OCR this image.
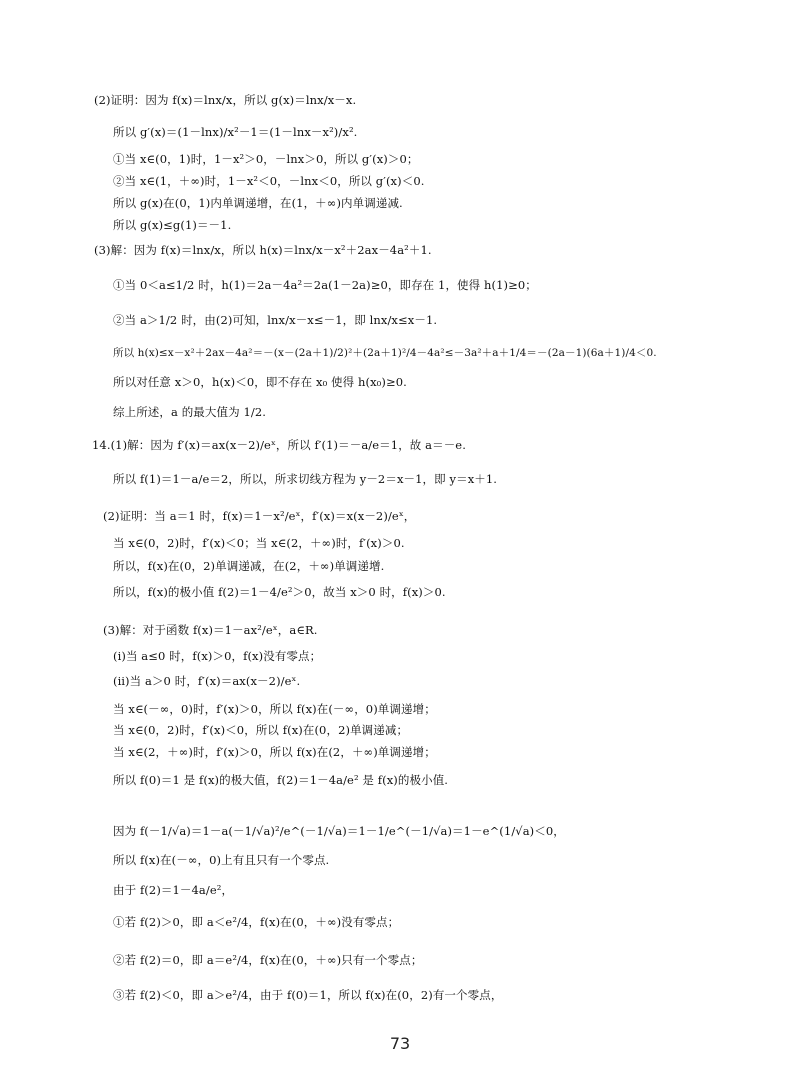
(2)证明：因为 f(x)＝lnx/x，所以 g(x)＝lnx/x－x.
所以 g′(x)＝(1－lnx)/x²－1＝(1－lnx－x²)/x².
①当 x∈(0，1)时，1－x²＞0，－lnx＞0，所以 g′(x)＞0；
②当 x∈(1，＋∞)时，1－x²＜0，－lnx＜0，所以 g′(x)＜0.
所以 g(x)在(0，1)内单调递增，在(1，＋∞)内单调递减.
所以 g(x)≤g(1)＝－1.
(3)解：因为 f(x)＝lnx/x，所以 h(x)＝lnx/x－x²＋2ax－4a²＋1.
①当 0＜a≤1/2 时，h(1)＝2a－4a²＝2a(1－2a)≥0，即存在 1，使得 h(1)≥0；
②当 a＞1/2 时，由(2)可知，lnx/x－x≤－1，即 lnx/x≤x－1.
所以 h(x)≤x－x²＋2ax－4a²＝－(x－(2a＋1)/2)²＋(2a＋1)²/4－4a²≤－3a²＋a＋1/4＝－(2a－1)(6a＋1)/4＜0.
所以对任意 x＞0，h(x)＜0，即不存在 x₀ 使得 h(x₀)≥0.
综上所述，a 的最大值为 1/2.
14.(1)解：因为 f′(x)＝ax(x－2)/eˣ，所以 f′(1)＝－a/e＝1，故 a＝－e.
所以 f(1)＝1－a/e＝2，所以，所求切线方程为 y－2＝x－1，即 y＝x＋1.
(2)证明：当 a＝1 时，f(x)＝1－x²/eˣ，f′(x)＝x(x－2)/eˣ，
当 x∈(0，2)时，f′(x)＜0；当 x∈(2，＋∞)时，f′(x)＞0.
所以，f(x)在(0，2)单调递减，在(2，＋∞)单调递增.
所以，f(x)的极小值 f(2)＝1－4/e²＞0，故当 x＞0 时，f(x)＞0.
(3)解：对于函数 f(x)＝1－ax²/eˣ，a∈R.
(ⅰ)当 a≤0 时，f(x)＞0，f(x)没有零点；
(ⅱ)当 a＞0 时，f′(x)＝ax(x－2)/eˣ.
当 x∈(－∞，0)时，f′(x)＞0，所以 f(x)在(－∞，0)单调递增；
当 x∈(0，2)时，f′(x)＜0，所以 f(x)在(0，2)单调递减；
当 x∈(2，＋∞)时，f′(x)＞0，所以 f(x)在(2，＋∞)单调递增；
所以 f(0)＝1 是 f(x)的极大值，f(2)＝1－4a/e² 是 f(x)的极小值.
因为 f(－1/√a)＝1－a(－1/√a)²/e^(－1/√a)＝1－1/e^(－1/√a)＝1－e^(1/√a)＜0，
所以 f(x)在(－∞，0)上有且只有一个零点.
由于 f(2)＝1－4a/e²，
①若 f(2)＞0，即 a＜e²/4，f(x)在(0，＋∞)没有零点；
②若 f(2)＝0，即 a＝e²/4，f(x)在(0，＋∞)只有一个零点；
③若 f(2)＜0，即 a＞e²/4，由于 f(0)＝1，所以 f(x)在(0，2)有一个零点，
73
